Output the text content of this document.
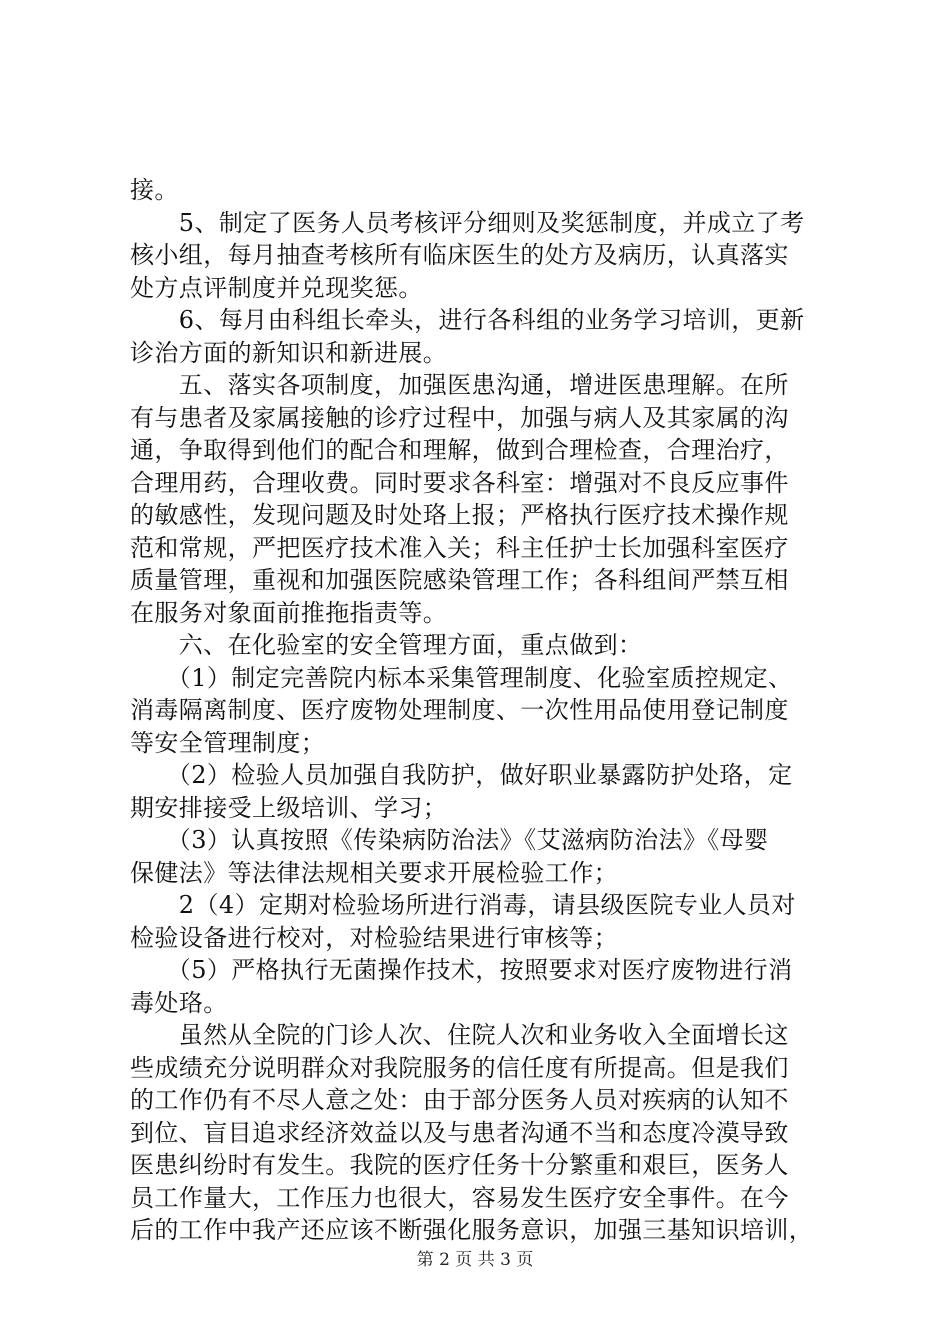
接。
　　5、制定了医务人员考核评分细则及奖惩制度，并成立了考
核小组，每月抽查考核所有临床医生的处方及病历，认真落实
处方点评制度并兑现奖惩。
　　6、每月由科组长牵头，进行各科组的业务学习培训，更新
诊治方面的新知识和新进展。
　　五、落实各项制度，加强医患沟通，增进医患理解。在所
有与患者及家属接触的诊疗过程中，加强与病人及其家属的沟
通，争取得到他们的配合和理解，做到合理检查，合理治疗，
合理用药，合理收费。同时要求各科室：增强对不良反应事件
的敏感性，发现问题及时处珞上报；严格执行医疗技术操作规
范和常规，严把医疗技术准入关；科主任护士长加强科室医疗
质量管理，重视和加强医院感染管理工作；各科组间严禁互相
在服务对象面前推拖指责等。
　　六、在化验室的安全管理方面，重点做到：
　　（1）制定完善院内标本采集管理制度、化验室质控规定、
消毒隔离制度、医疗废物处理制度、一次性用品使用登记制度
等安全管理制度；
　　（2）检验人员加强自我防护，做好职业暴露防护处珞，定
期安排接受上级培训、学习；
　　（3）认真按照《传染病防治法》《艾滋病防治法》《母婴
保健法》等法律法规相关要求开展检验工作；
　　2（4）定期对检验场所进行消毒，请县级医院专业人员对
检验设备进行校对，对检验结果进行审核等；
　　（5）严格执行无菌操作技术，按照要求对医疗废物进行消
毒处珞。
　　虽然从全院的门诊人次、住院人次和业务收入全面增长这
些成绩充分说明群众对我院服务的信任度有所提高。但是我们
的工作仍有不尽人意之处：由于部分医务人员对疾病的认知不
到位、盲目追求经济效益以及与患者沟通不当和态度冷漠导致
医患纠纷时有发生。我院的医疗任务十分繁重和艰巨，医务人
员工作量大，工作压力也很大，容易发生医疗安全事件。在今
后的工作中我产还应该不断强化服务意识，加强三基知识培训，
第 2 页 共 3 页
